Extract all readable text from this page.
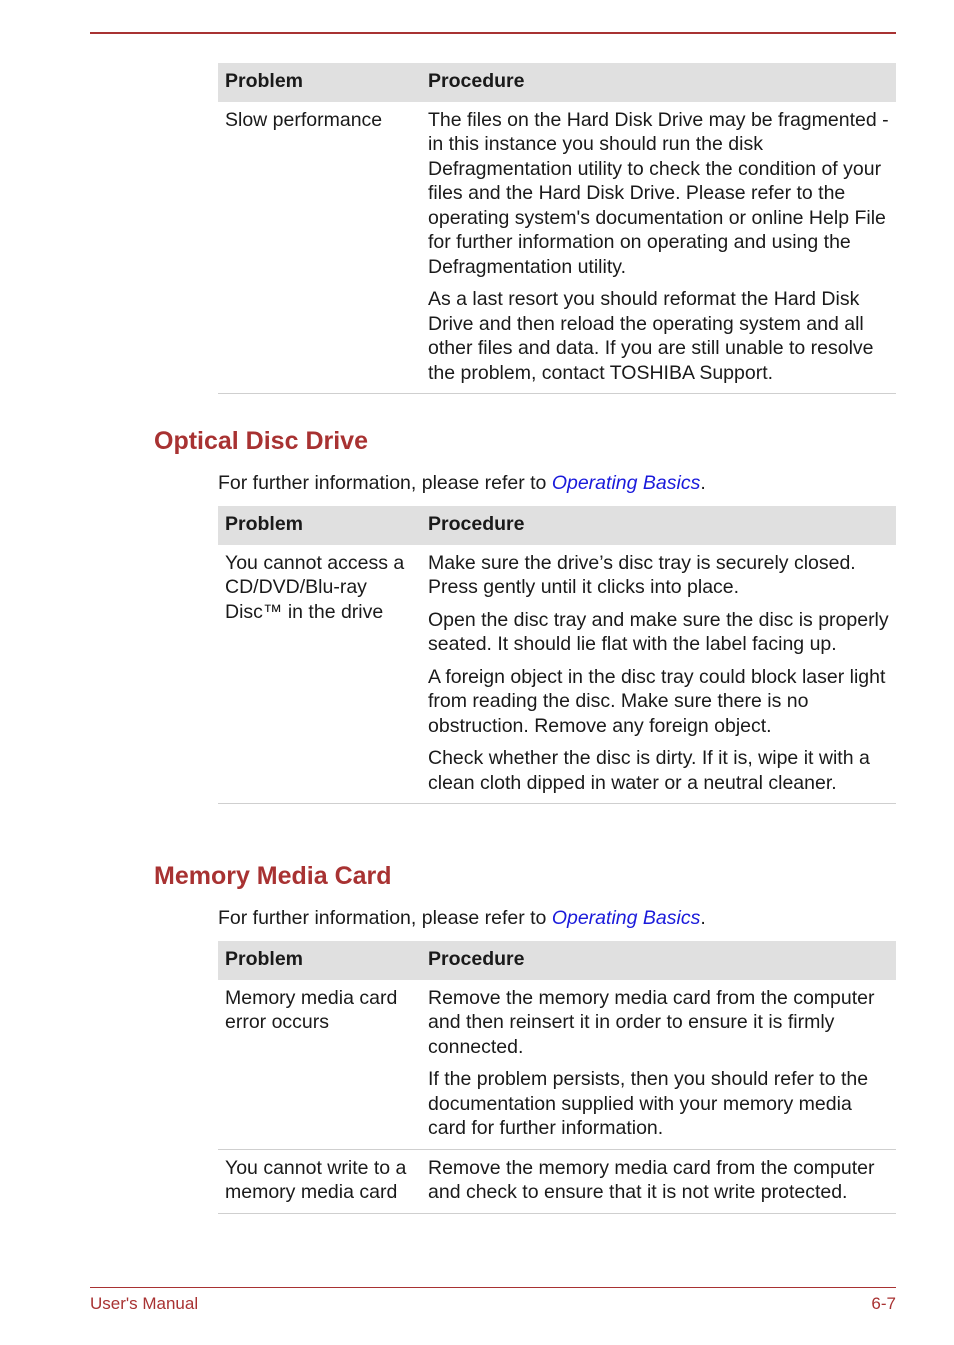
Problem	Procedure
Slow performance	The files on the Hard Disk Drive may be fragmented - in this instance you should run the disk Defragmentation utility to check the condition of your files and the Hard Disk Drive. Please refer to the operating system's documentation or online Help File for further information on operating and using the Defragmentation utility.

As a last resort you should reformat the Hard Disk Drive and then reload the operating system and all other files and data. If you are still unable to resolve the problem, contact TOSHIBA Support.

Optical Disc Drive

For further information, please refer to Operating Basics.

Problem	Procedure
You cannot access a CD/DVD/Blu-ray Disc™ in the drive	Make sure the drive’s disc tray is securely closed. Press gently until it clicks into place.

Open the disc tray and make sure the disc is properly seated. It should lie flat with the label facing up.

A foreign object in the disc tray could block laser light from reading the disc. Make sure there is no obstruction. Remove any foreign object.

Check whether the disc is dirty. If it is, wipe it with a clean cloth dipped in water or a neutral cleaner.

Memory Media Card

For further information, please refer to Operating Basics.

Problem	Procedure
Memory media card error occurs	Remove the memory media card from the computer and then reinsert it in order to ensure it is firmly connected.

If the problem persists, then you should refer to the documentation supplied with your memory media card for further information.

You cannot write to a memory media card	Remove the memory media card from the computer and check to ensure that it is not write protected.

User's Manual	6-7
